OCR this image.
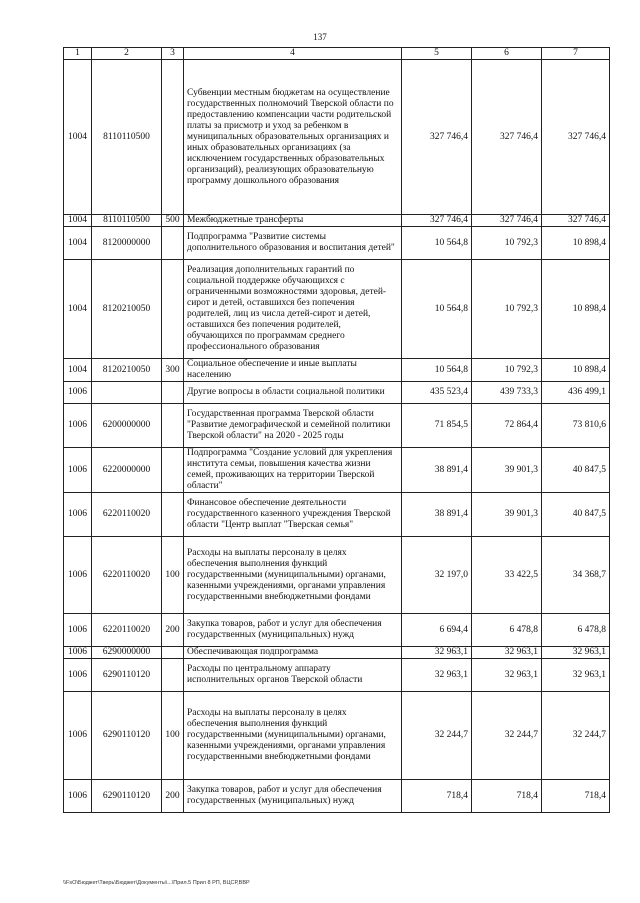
137
1	2	3	4	5	6	7
1004	8110110500		Субвенции местным бюджетам на осуществление государственных полномочий Тверской области по предоставлению компенсации части родительской платы за присмотр и уход за ребенком в муниципальных образовательных организациях и иных образовательных организациях (за исключением государственных образовательных организаций), реализующих образовательную программу дошкольного образования	327 746,4	327 746,4	327 746,4
1004	8110110500	500	Межбюджетные трансферты	327 746,4	327 746,4	327 746,4
1004	8120000000		Подпрограмма "Развитие системы дополнительного образования и воспитания детей"	10 564,8	10 792,3	10 898,4
1004	8120210050		Реализация дополнительных гарантий по социальной поддержке обучающихся с ограниченными возможностями здоровья, детей-сирот и детей, оставшихся без попечения родителей, лиц из числа детей-сирот и детей, оставшихся без попечения родителей, обучающихся по программам среднего профессионального образования	10 564,8	10 792,3	10 898,4
1004	8120210050	300	Социальное обеспечение и иные выплаты населению	10 564,8	10 792,3	10 898,4
1006			Другие вопросы в области социальной политики	435 523,4	439 733,3	436 499,1
1006	6200000000		Государственная программа Тверской области "Развитие демографической и семейной политики Тверской области" на 2020 - 2025 годы	71 854,5	72 864,4	73 810,6
1006	6220000000		Подпрограмма "Создание условий для укрепления института семьи, повышения качества жизни семей, проживающих на территории Тверской области"	38 891,4	39 901,3	40 847,5
1006	6220110020		Финансовое обеспечение деятельности государственного казенного учреждения Тверской области "Центр выплат "Тверская семья"	38 891,4	39 901,3	40 847,5
1006	6220110020	100	Расходы на выплаты персоналу в целях обеспечения выполнения функций государственными (муниципальными) органами, казенными учреждениями, органами управления государственными внебюджетными фондами	32 197,0	33 422,5	34 368,7
1006	6220110020	200	Закупка товаров, работ и услуг для обеспечения государственных (муниципальных) нужд	6 694,4	6 478,8	6 478,8
1006	6290000000		Обеспечивающая подпрограмма	32 963,1	32 963,1	32 963,1
1006	6290110120		Расходы по центральному аппарату исполнительных органов Тверской области	32 963,1	32 963,1	32 963,1
1006	6290110120	100	Расходы на выплаты персоналу в целях обеспечения выполнения функций государственными (муниципальными) органами, казенными учреждениями, органами управления государственными внебюджетными фондами	32 244,7	32 244,7	32 244,7
1006	6290110120	200	Закупка товаров, работ и услуг для обеспечения государственных (муниципальных) нужд	718,4	718,4	718,4
\\FsO\Бюджет\Тверь\Бюджет\Документы\...\Прил.5 Прил 8 РП, ВЦСР,ВВР
